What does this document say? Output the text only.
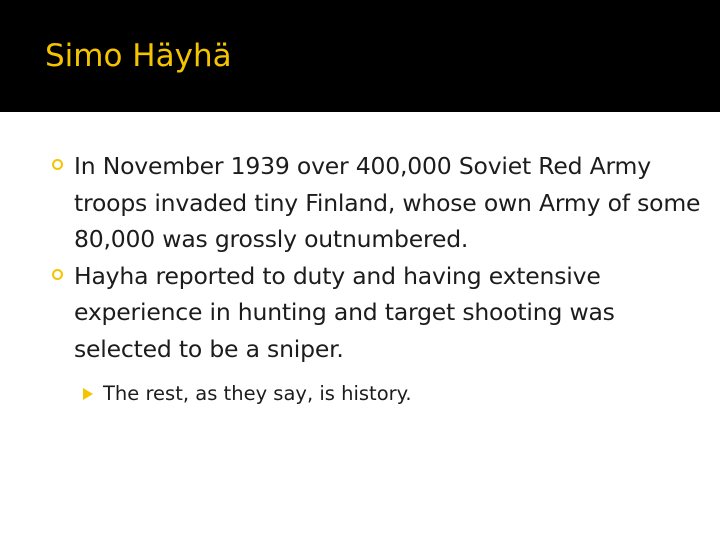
Simo Häyhä
In November 1939 over 400,000 Soviet Red Army troops invaded tiny Finland, whose own Army of some 80,000 was grossly outnumbered.
Hayha reported to duty and having extensive experience in hunting and target shooting was selected to be a sniper.
The rest, as they say, is history.
